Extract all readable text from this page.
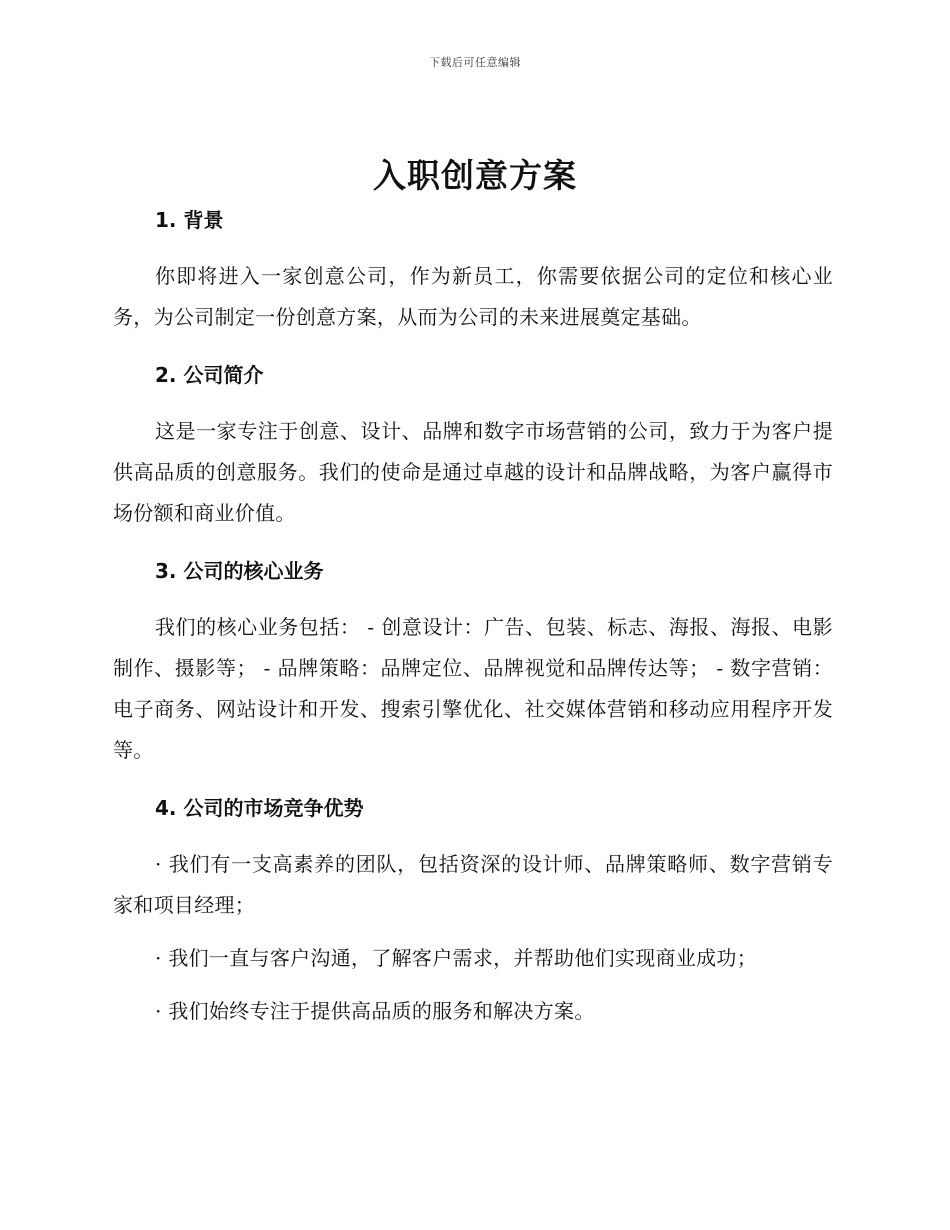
下载后可任意编辑
入职创意方案
1. 背景

你即将进入一家创意公司，作为新员工，你需要依据公司的定位和核心业务，为公司制定一份创意方案，从而为公司的未来进展奠定基础。

2. 公司简介

这是一家专注于创意、设计、品牌和数字市场营销的公司，致力于为客户提供高品质的创意服务。我们的使命是通过卓越的设计和品牌战略，为客户赢得市场份额和商业价值。

3. 公司的核心业务

我们的核心业务包括： - 创意设计：广告、包装、标志、海报、海报、电影制作、摄影等； - 品牌策略：品牌定位、品牌视觉和品牌传达等； - 数字营销：电子商务、网站设计和开发、搜索引擎优化、社交媒体营销和移动应用程序开发等。

4. 公司的市场竞争优势

· 我们有一支高素养的团队，包括资深的设计师、品牌策略师、数字营销专家和项目经理；

· 我们一直与客户沟通，了解客户需求，并帮助他们实现商业成功；

· 我们始终专注于提供高品质的服务和解决方案。
